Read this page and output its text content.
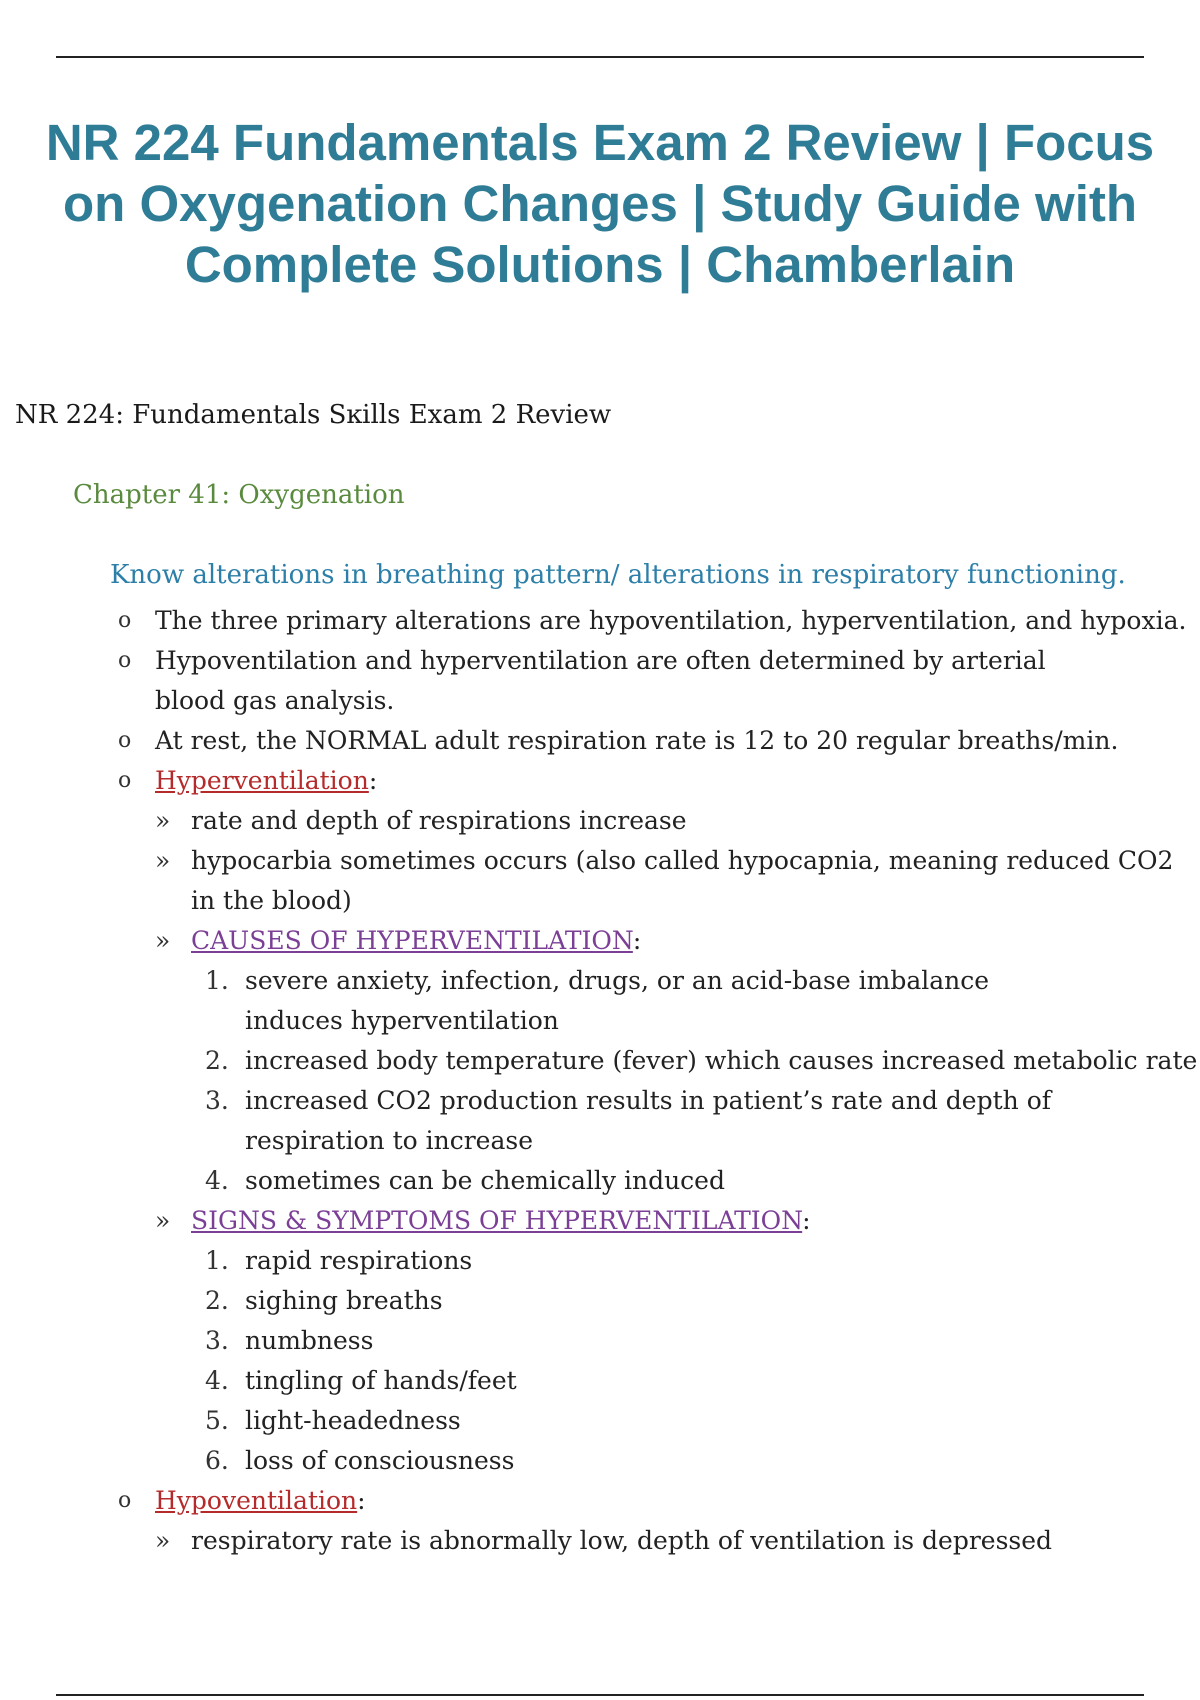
NR 224 Fundamentals Exam 2 Review | Focus
on Oxygenation Changes | Study Guide with
Complete Solutions | Chamberlain
NR 224: Fundamentals Sĸills Exam 2 Review
Chapter 41: Oxygenation
Know alterations in breathing pattern/ alterations in respiratory functioning.
o The three primary alterations are hypoventilation, hyperventilation, and hypoxia.
o Hypoventilation and hyperventilation are often determined by arterial
blood gas analysis.
o At rest, the NORMAL adult respiration rate is 12 to 20 regular breaths/min.
o Hyperventilation:
» rate and depth of respirations increase
» hypocarbia sometimes occurs (also called hypocapnia, meaning reduced CO2
in the blood)
» CAUSES OF HYPERVENTILATION:
1. severe anxiety, infection, drugs, or an acid-base imbalance
induces hyperventilation
2. increased body temperature (fever) which causes increased metabolic rate
3. increased CO2 production results in patient’s rate and depth of
respiration to increase
4. sometimes can be chemically induced
» SIGNS & SYMPTOMS OF HYPERVENTILATION:
1. rapid respirations
2. sighing breaths
3. numbness
4. tingling of hands/feet
5. light-headedness
6. loss of consciousness
o Hypoventilation:
» respiratory rate is abnormally low, depth of ventilation is depressed
